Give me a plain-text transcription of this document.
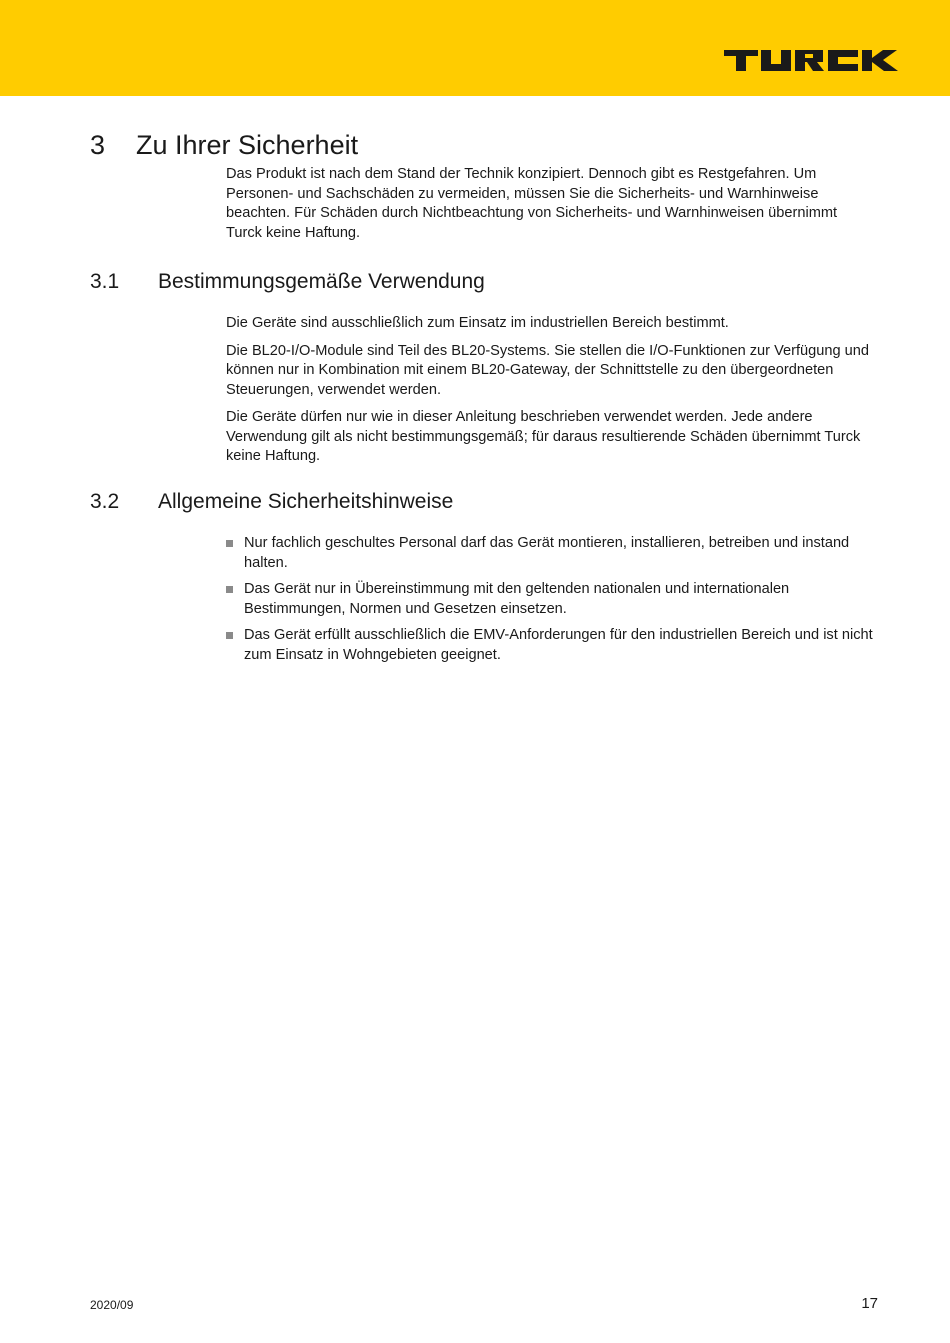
3 Zu Ihrer Sicherheit

Das Produkt ist nach dem Stand der Technik konzipiert. Dennoch gibt es Restgefahren. Um Personen- und Sachschäden zu vermeiden, müssen Sie die Sicherheits- und Warnhinweise beachten. Für Schäden durch Nichtbeachtung von Sicherheits- und Warnhinweisen übernimmt Turck keine Haftung.

3.1 Bestimmungsgemäße Verwendung

Die Geräte sind ausschließlich zum Einsatz im industriellen Bereich bestimmt.

Die BL20-I/O-Module sind Teil des BL20-Systems. Sie stellen die I/O-Funktionen zur Verfügung und können nur in Kombination mit einem BL20-Gateway, der Schnittstelle zu den übergeordneten Steuerungen, verwendet werden.

Die Geräte dürfen nur wie in dieser Anleitung beschrieben verwendet werden. Jede andere Verwendung gilt als nicht bestimmungsgemäß; für daraus resultierende Schäden übernimmt Turck keine Haftung.

3.2 Allgemeine Sicherheitshinweise
Nur fachlich geschultes Personal darf das Gerät montieren, installieren, betreiben und instand halten.
Das Gerät nur in Übereinstimmung mit den geltenden nationalen und internationalen Bestimmungen, Normen und Gesetzen einsetzen.
Das Gerät erfüllt ausschließlich die EMV-Anforderungen für den industriellen Bereich und ist nicht zum Einsatz in Wohngebieten geeignet.
2020/09	17
